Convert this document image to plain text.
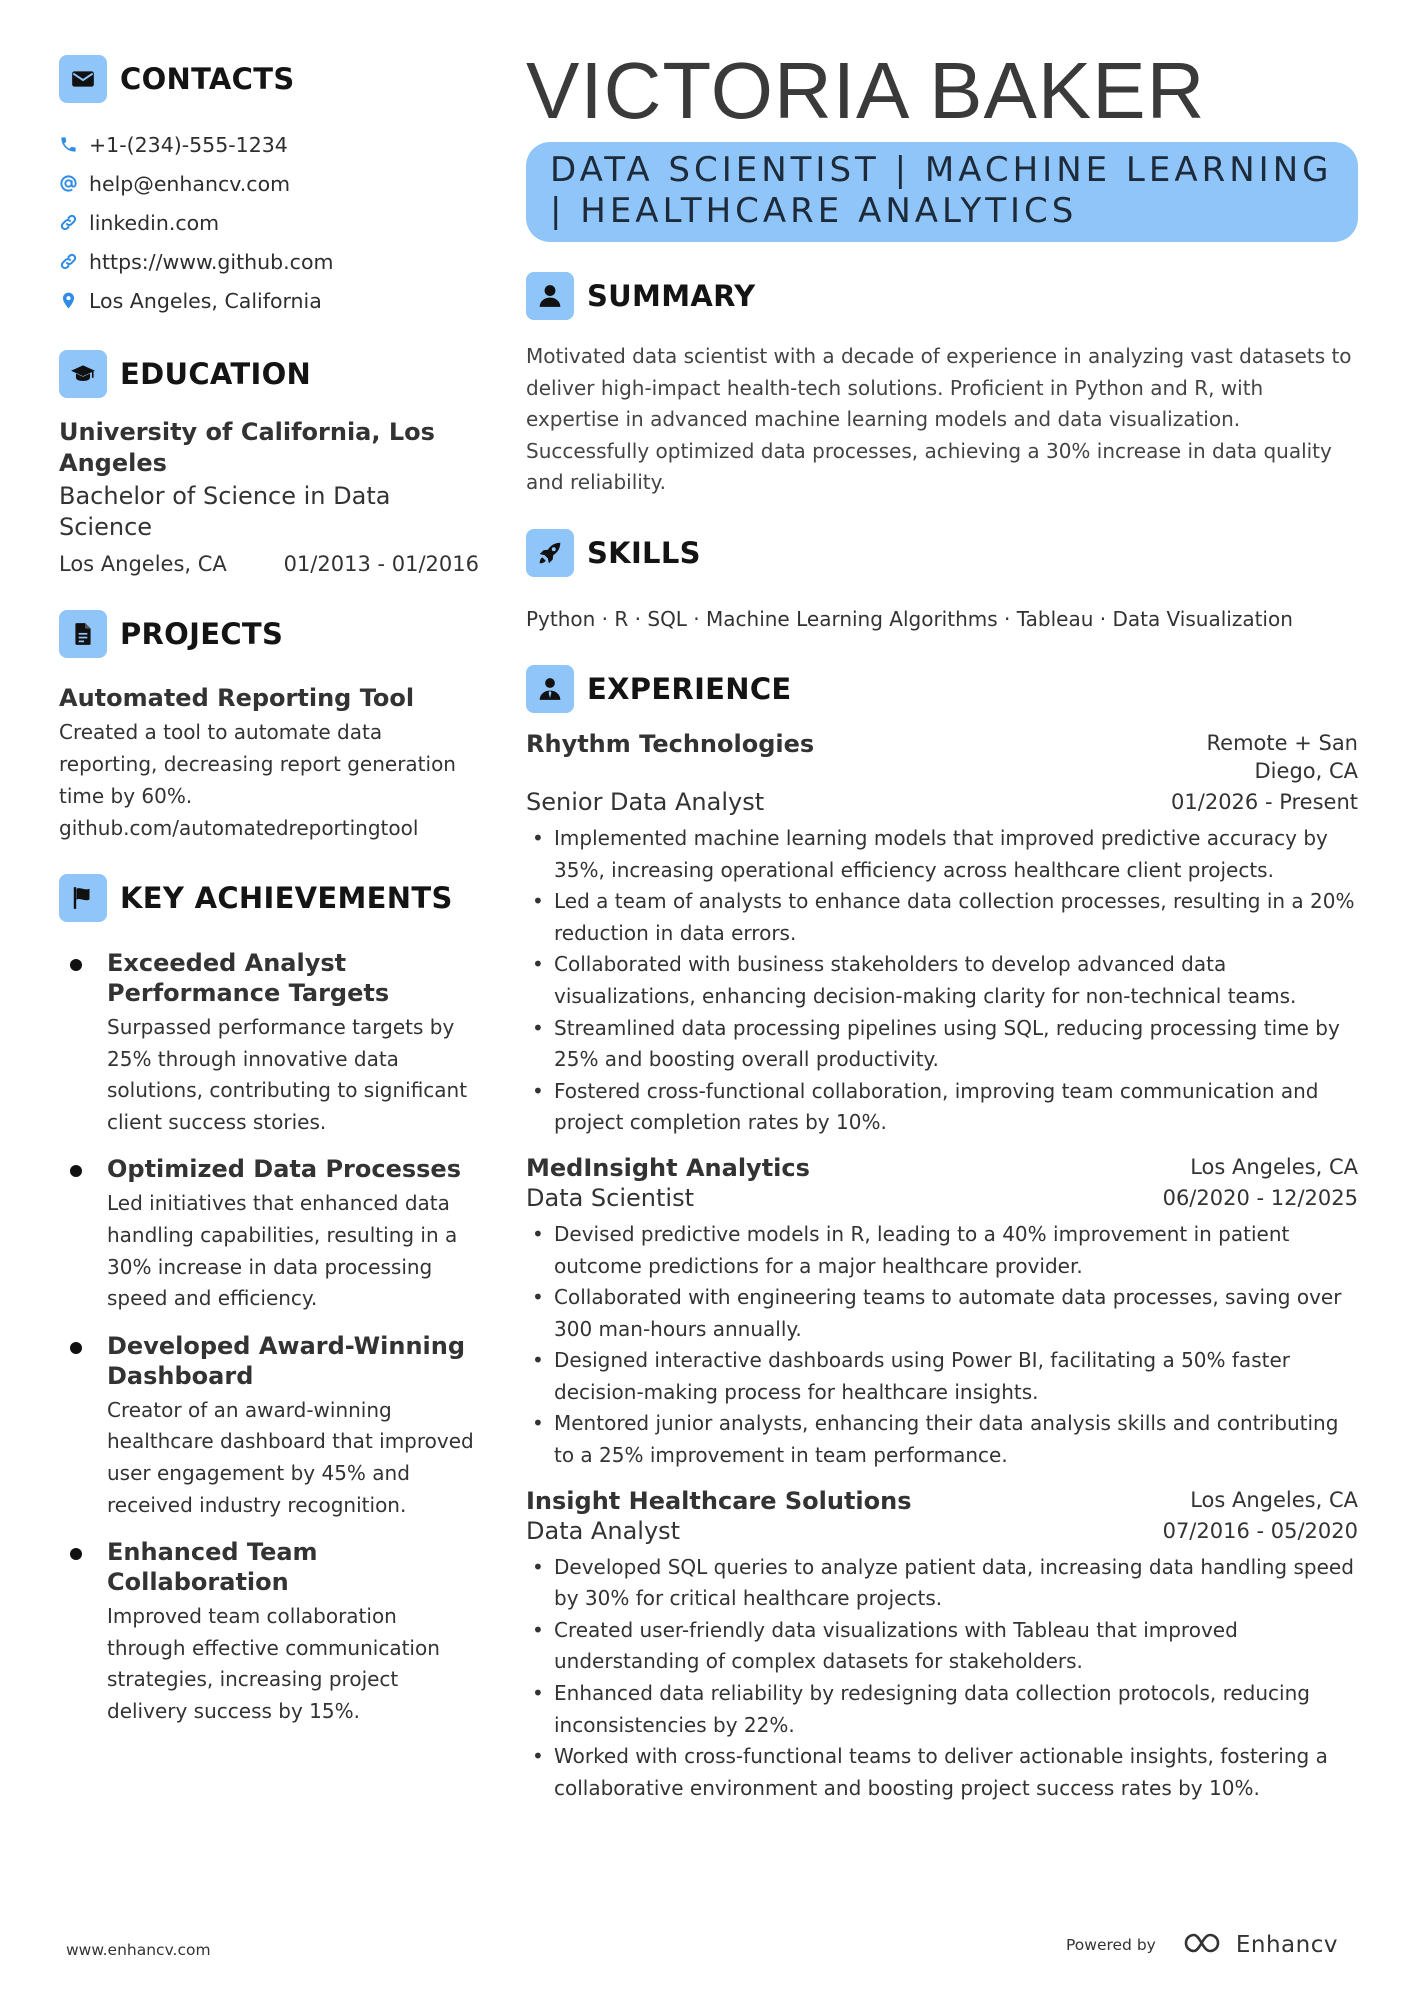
CONTACTS
+1-(234)-555-1234
help@enhancv.com
linkedin.com
https://www.github.com
Los Angeles, California
EDUCATION
University of California, Los Angeles
Bachelor of Science in Data Science
Los Angeles, CA	01/2013 - 01/2016
PROJECTS
Automated Reporting Tool
Created a tool to automate data reporting, decreasing report generation time by 60%.
github.com/automatedreportingtool
KEY ACHIEVEMENTS
Exceeded Analyst Performance Targets
Surpassed performance targets by 25% through innovative data solutions, contributing to significant client success stories.
Optimized Data Processes
Led initiatives that enhanced data handling capabilities, resulting in a 30% increase in data processing speed and efficiency.
Developed Award-Winning Dashboard
Creator of an award-winning healthcare dashboard that improved user engagement by 45% and received industry recognition.
Enhanced Team Collaboration
Improved team collaboration through effective communication strategies, increasing project delivery success by 15%.
VICTORIA BAKER
DATA SCIENTIST | MACHINE LEARNING | HEALTHCARE ANALYTICS
SUMMARY
Motivated data scientist with a decade of experience in analyzing vast datasets to deliver high-impact health-tech solutions. Proficient in Python and R, with expertise in advanced machine learning models and data visualization. Successfully optimized data processes, achieving a 30% increase in data quality and reliability.
SKILLS
Python · R · SQL · Machine Learning Algorithms · Tableau · Data Visualization
EXPERIENCE
Rhythm Technologies	Remote + San Diego, CA
Senior Data Analyst	01/2026 - Present
• Implemented machine learning models that improved predictive accuracy by 35%, increasing operational efficiency across healthcare client projects.
• Led a team of analysts to enhance data collection processes, resulting in a 20% reduction in data errors.
• Collaborated with business stakeholders to develop advanced data visualizations, enhancing decision-making clarity for non-technical teams.
• Streamlined data processing pipelines using SQL, reducing processing time by 25% and boosting overall productivity.
• Fostered cross-functional collaboration, improving team communication and project completion rates by 10%.
MedInsight Analytics	Los Angeles, CA
Data Scientist	06/2020 - 12/2025
• Devised predictive models in R, leading to a 40% improvement in patient outcome predictions for a major healthcare provider.
• Collaborated with engineering teams to automate data processes, saving over 300 man-hours annually.
• Designed interactive dashboards using Power BI, facilitating a 50% faster decision-making process for healthcare insights.
• Mentored junior analysts, enhancing their data analysis skills and contributing to a 25% improvement in team performance.
Insight Healthcare Solutions	Los Angeles, CA
Data Analyst	07/2016 - 05/2020
• Developed SQL queries to analyze patient data, increasing data handling speed by 30% for critical healthcare projects.
• Created user-friendly data visualizations with Tableau that improved understanding of complex datasets for stakeholders.
• Enhanced data reliability by redesigning data collection protocols, reducing inconsistencies by 22%.
• Worked with cross-functional teams to deliver actionable insights, fostering a collaborative environment and boosting project success rates by 10%.
www.enhancv.com	Powered by	Enhancv
